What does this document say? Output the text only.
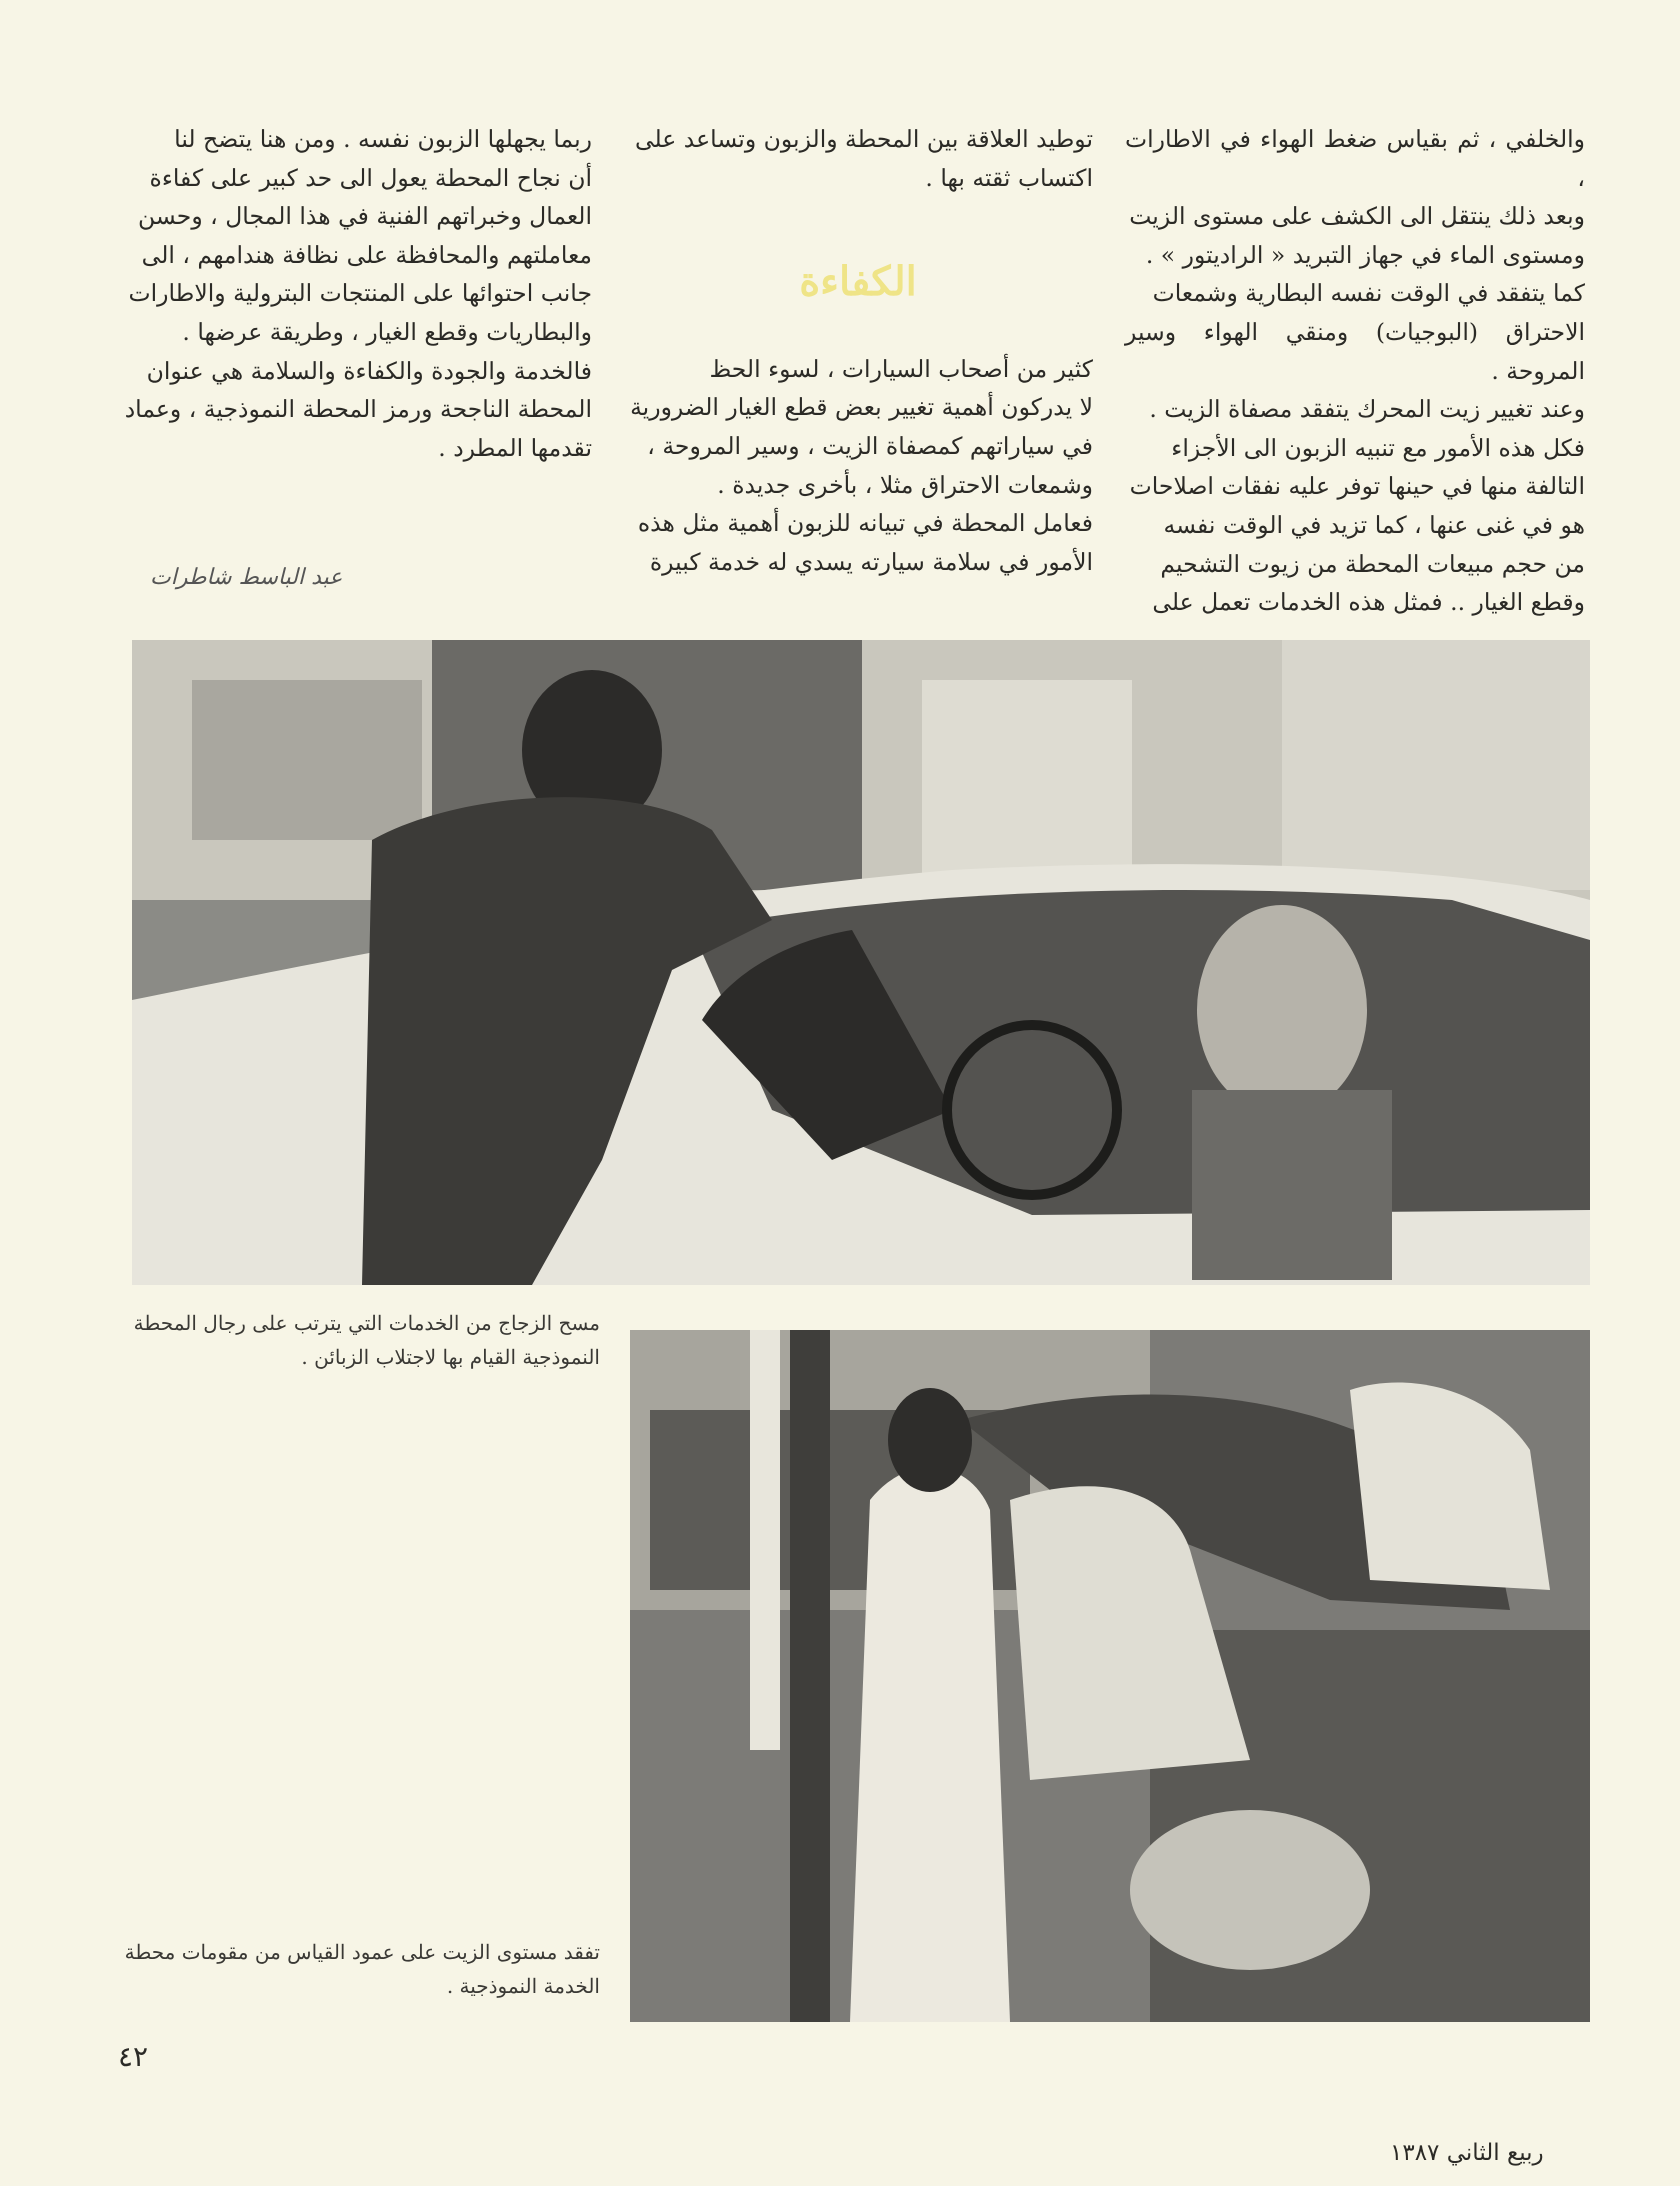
والخلفي ، ثم بقياس ضغط الهواء في الاطارات ،

وبعد ذلك ينتقل الى الكشف على مستوى الزيت

ومستوى الماء في جهاز التبريد « الراديتور » .

كما يتفقد في الوقت نفسه البطارية وشمعات

الاحتراق (البوجيات) ومنقي الهواء وسير المروحة .

وعند تغيير زيت المحرك يتفقد مصفاة الزيت .

فكل هذه الأمور مع تنبيه الزبون الى الأجزاء

التالفة منها في حينها توفر عليه نفقات اصلاحات

هو في غنى عنها ، كما تزيد في الوقت نفسه

من حجم مبيعات المحطة من زيوت التشحيم

وقطع الغيار .. فمثل هذه الخدمات تعمل على

توطيد العلاقة بين المحطة والزبون وتساعد على

اكتساب ثقته بها .

الكفاءة

كثير من أصحاب السيارات ، لسوء الحظ

لا يدركون أهمية تغيير بعض قطع الغيار الضرورية

في سياراتهم كمصفاة الزيت ، وسير المروحة ،

وشمعات الاحتراق مثلا ، بأخرى جديدة .

فعامل المحطة في تبيانه للزبون أهمية مثل هذه

الأمور في سلامة سيارته يسدي له خدمة كبيرة

ربما يجهلها الزبون نفسه . ومن هنا يتضح لنا

أن نجاح المحطة يعول الى حد كبير على كفاءة

العمال وخبراتهم الفنية في هذا المجال ، وحسن

معاملتهم والمحافظة على نظافة هندامهم ، الى

جانب احتوائها على المنتجات البترولية والاطارات

والبطاريات وقطع الغيار ، وطريقة عرضها .

فالخدمة والجودة والكفاءة والسلامة هي عنوان

المحطة الناجحة ورمز المحطة النموذجية ، وعماد

تقدمها المطرد .

عبد الباسط شاطرات
مسح الزجاج من الخدمات التي يترتب على رجال المحطة النموذجية القيام بها لاجتلاب الزبائن .
تفقد مستوى الزيت على عمود القياس من مقومات محطة الخدمة النموذجية .
٤٢
ربيع الثاني ١٣٨٧
